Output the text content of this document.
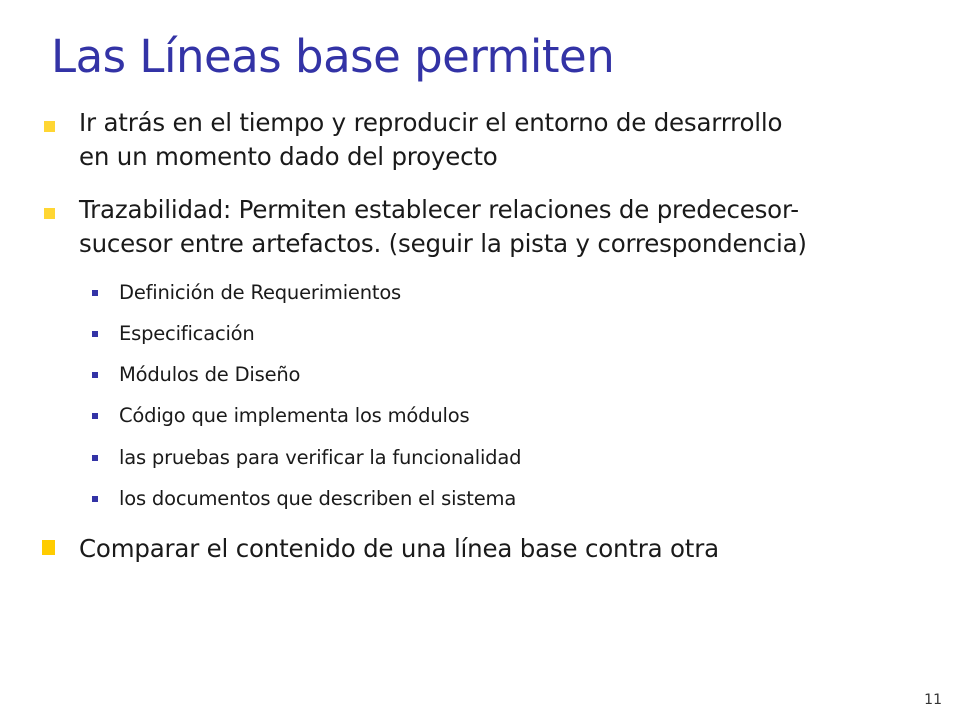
Las Líneas base permiten
Ir atrás en el tiempo y reproducir el entorno de desarrrollo
en un momento dado del proyecto
Trazabilidad: Permiten establecer relaciones de predecesor-
sucesor entre artefactos. (seguir la pista y correspondencia)
Definición de Requerimientos
Especificación
Módulos de Diseño
Código que implementa los módulos
las pruebas para verificar la funcionalidad
los documentos que describen el sistema
Comparar el contenido de una línea base contra otra
11
